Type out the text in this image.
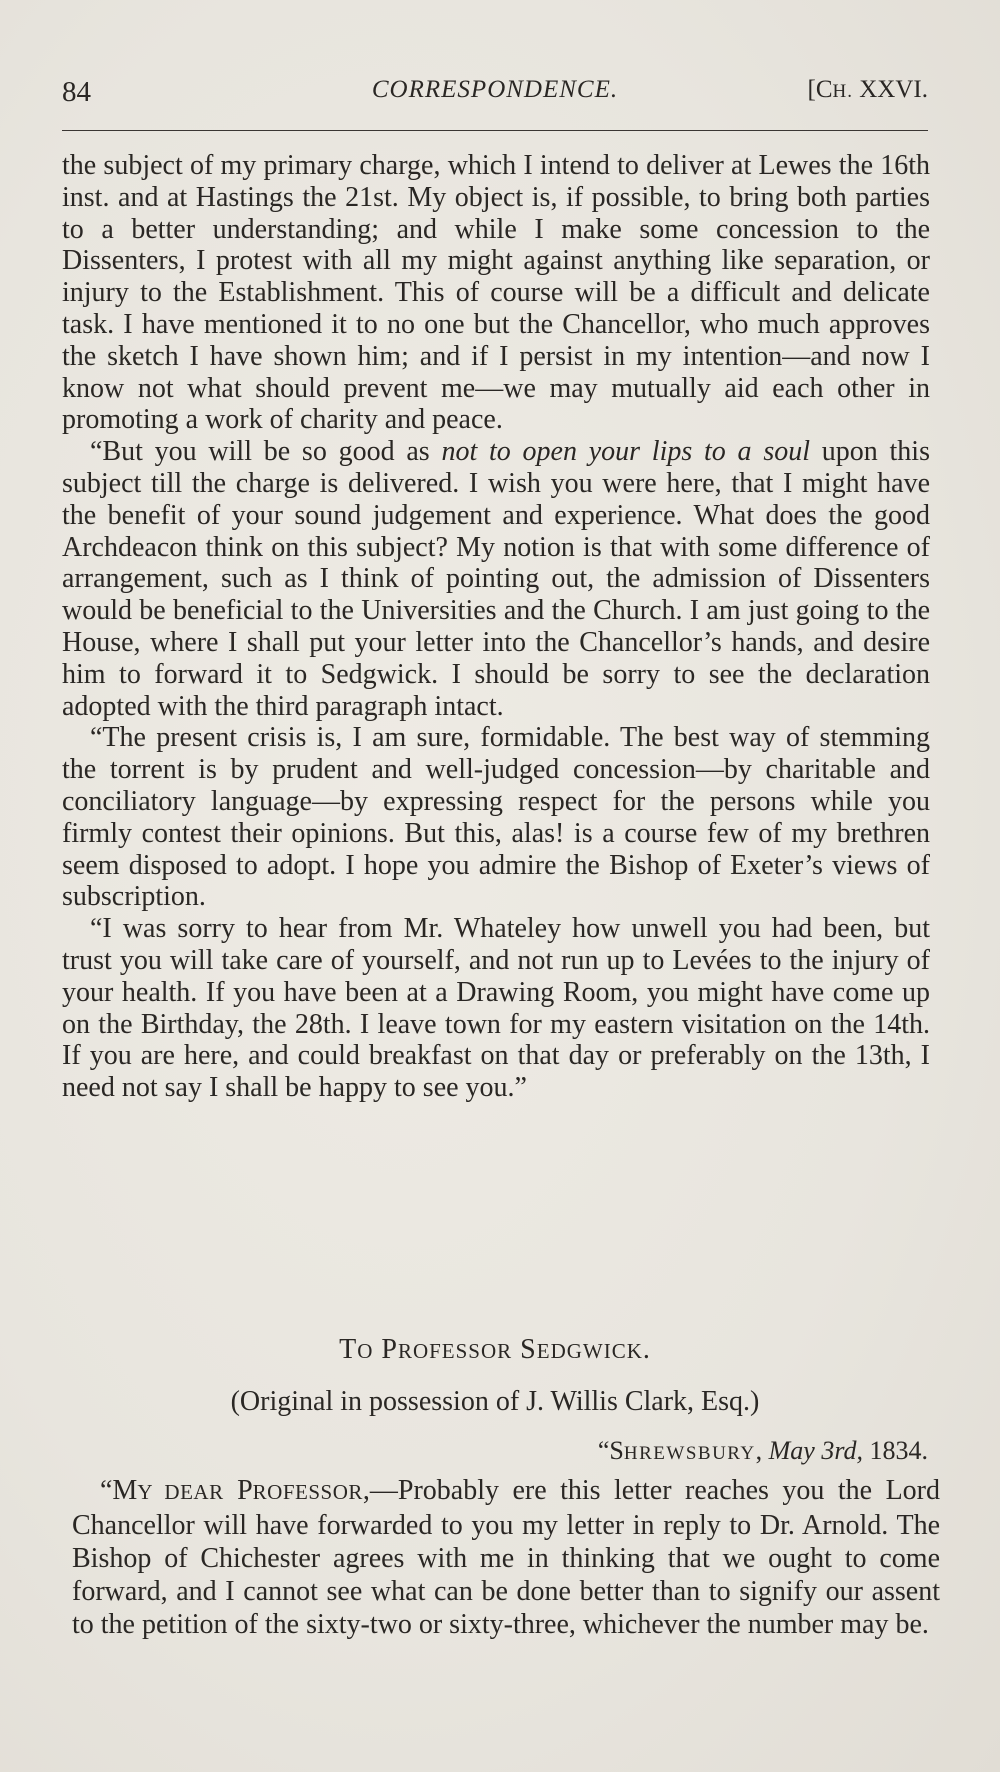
84	CORRESPONDENCE.	[CH. XXVI.

the subject of my primary charge, which I intend to deliver at Lewes the 16th inst. and at Hastings the 21st. My object is, if possible, to bring both parties to a better understanding; and while I make some concession to the Dissenters, I protest with all my might against anything like separation, or injury to the Establishment. This of course will be a difficult and delicate task. I have mentioned it to no one but the Chancellor, who much approves the sketch I have shown him; and if I persist in my intention—and now I know not what should prevent me—we may mutually aid each other in promoting a work of charity and peace.

“But you will be so good as not to open your lips to a soul upon this subject till the charge is delivered. I wish you were here, that I might have the benefit of your sound judgement and experience. What does the good Archdeacon think on this subject? My notion is that with some difference of arrangement, such as I think of pointing out, the admission of Dissenters would be beneficial to the Universities and the Church. I am just going to the House, where I shall put your letter into the Chancellor’s hands, and desire him to forward it to Sedgwick. I should be sorry to see the declaration adopted with the third paragraph intact.

“The present crisis is, I am sure, formidable. The best way of stemming the torrent is by prudent and well-judged concession—by charitable and conciliatory language—by expressing respect for the persons while you firmly contest their opinions. But this, alas! is a course few of my brethren seem disposed to adopt. I hope you admire the Bishop of Exeter’s views of subscription.

“I was sorry to hear from Mr. Whateley how unwell you had been, but trust you will take care of yourself, and not run up to Levées to the injury of your health. If you have been at a Drawing Room, you might have come up on the Birthday, the 28th. I leave town for my eastern visitation on the 14th. If you are here, and could breakfast on that day or preferably on the 13th, I need not say I shall be happy to see you.”

TO PROFESSOR SEDGWICK.
(Original in possession of J. Willis Clark, Esq.)
“SHREWSBURY, May 3rd, 1834.

“MY DEAR PROFESSOR,—Probably ere this letter reaches you the Lord Chancellor will have forwarded to you my letter in reply to Dr. Arnold. The Bishop of Chichester agrees with me in thinking that we ought to come forward, and I cannot see what can be done better than to signify our assent to the petition of the sixty-two or sixty-three, whichever the number may be.
